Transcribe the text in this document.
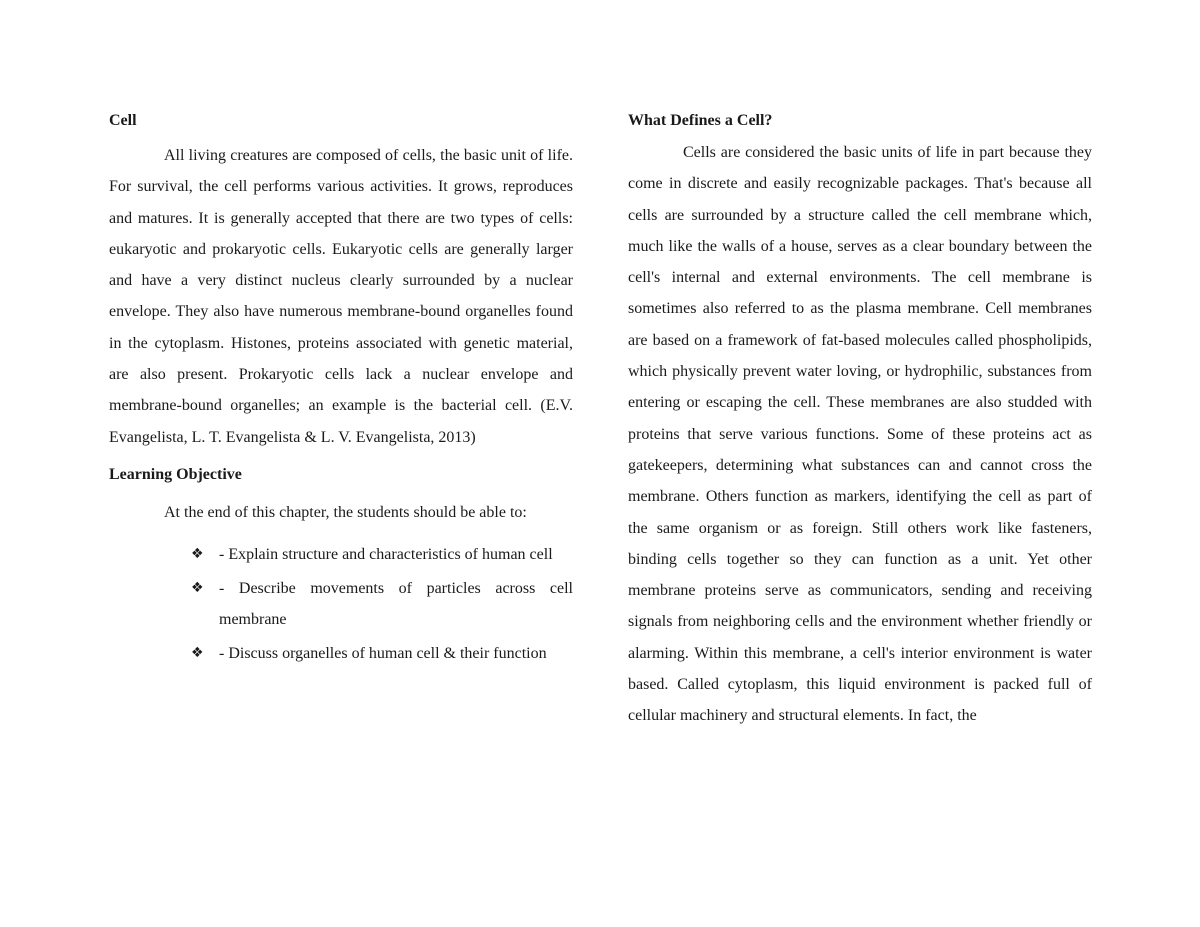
Cell

All living creatures are composed of cells, the basic unit of life. For survival, the cell performs various activities. It grows, reproduces and matures. It is generally accepted that there are two types of cells: eukaryotic and prokaryotic cells. Eukaryotic cells are generally larger and have a very distinct nucleus clearly surrounded by a nuclear envelope. They also have numerous membrane-bound organelles found in the cytoplasm. Histones, proteins associated with genetic material, are also present. Prokaryotic cells lack a nuclear envelope and membrane-bound organelles; an example is the bacterial cell. (E.V. Evangelista, L. T. Evangelista & L. V. Evangelista, 2013)

Learning Objective

At the end of this chapter, the students should be able to:

❖ - Explain structure and characteristics of human cell
❖ - Describe movements of particles across cell membrane
❖ - Discuss organelles of human cell & their function
What Defines a Cell?

Cells are considered the basic units of life in part because they come in discrete and easily recognizable packages. That's because all cells are surrounded by a structure called the cell membrane which, much like the walls of a house, serves as a clear boundary between the cell's internal and external environments. The cell membrane is sometimes also referred to as the plasma membrane. Cell membranes are based on a framework of fat-based molecules called phospholipids, which physically prevent water loving, or hydrophilic, substances from entering or escaping the cell. These membranes are also studded with proteins that serve various functions. Some of these proteins act as gatekeepers, determining what substances can and cannot cross the membrane. Others function as markers, identifying the cell as part of the same organism or as foreign. Still others work like fasteners, binding cells together so they can function as a unit. Yet other membrane proteins serve as communicators, sending and receiving signals from neighboring cells and the environment whether friendly or alarming. Within this membrane, a cell's interior environment is water based. Called cytoplasm, this liquid environment is packed full of cellular machinery and structural elements. In fact, the
